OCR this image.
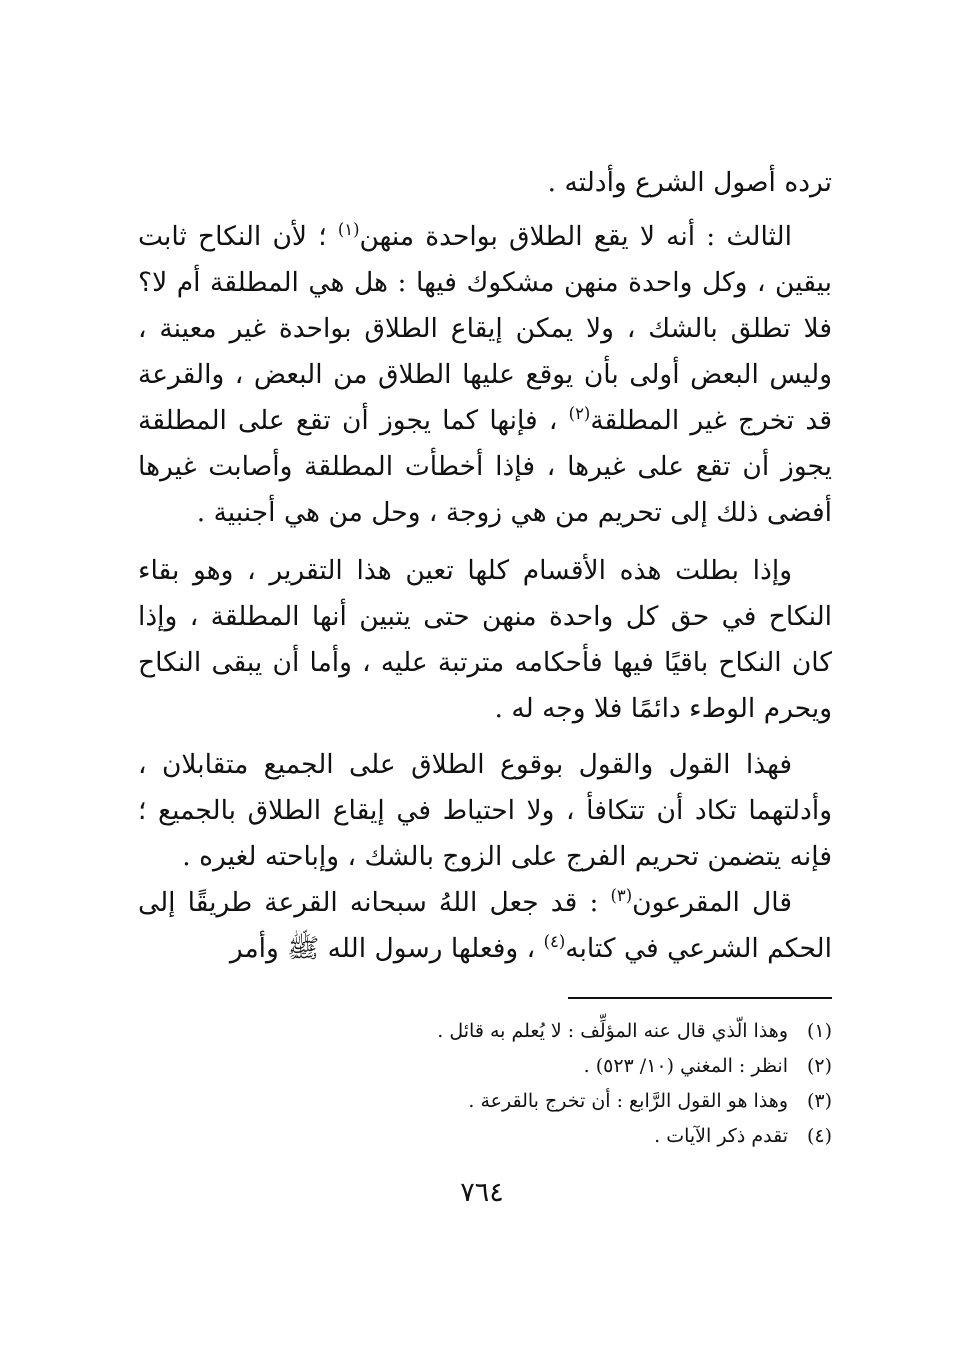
ترده أصول الشرع وأدلته .

الثالث : أنه لا يقع الطلاق بواحدة منهن$^{(١)}$ ؛ لأن النكاح ثابت بيقين ، وكل واحدة منهن مشكوك فيها : هل هي المطلقة أم لا؟ فلا تطلق بالشك ، ولا يمكن إيقاع الطلاق بواحدة غير معينة ، وليس البعض أولى بأن يوقع عليها الطلاق من البعض ، والقرعة قد تخرج غير المطلقة$^{(٢)}$ ، فإنها كما يجوز أن تقع على المطلقة يجوز أن تقع على غيرها ، فإذا أخطأت المطلقة وأصابت غيرها أفضى ذلك إلى تحريم من هي زوجة ، وحل من هي أجنبية .

وإذا بطلت هذه الأقسام كلها تعين هذا التقرير ، وهو بقاء النكاح في حق كل واحدة منهن حتى يتبين أنها المطلقة ، وإذا كان النكاح باقيًا فيها فأحكامه مترتبة عليه ، وأما أن يبقى النكاح ويحرم الوطء دائمًا فلا وجه له .

فهذا القول والقول بوقوع الطلاق على الجميع متقابلان ، وأدلتهما تكاد أن تتكافأ ، ولا احتياط في إيقاع الطلاق بالجميع ؛ فإنه يتضمن تحريم الفرج على الزوج بالشك ، وإباحته لغيره .

قال المقرعون$^{(٣)}$ : قد جعل اللهُ سبحانه القرعة طريقًا إلى الحكم الشرعي في كتابه$^{(٤)}$ ، وفعلها رسول الله ﷺ وأمر

(١)وهذا الّذي قال عنه المؤلِّف : لا يُعلم به قائل .
(٢)انظر : المغني (١٠/ ٥٢٣) .
(٣)وهذا هو القول الرَّابع : أن تخرج بالقرعة .
(٤)تقدم ذكر الآيات .
٧٦٤
